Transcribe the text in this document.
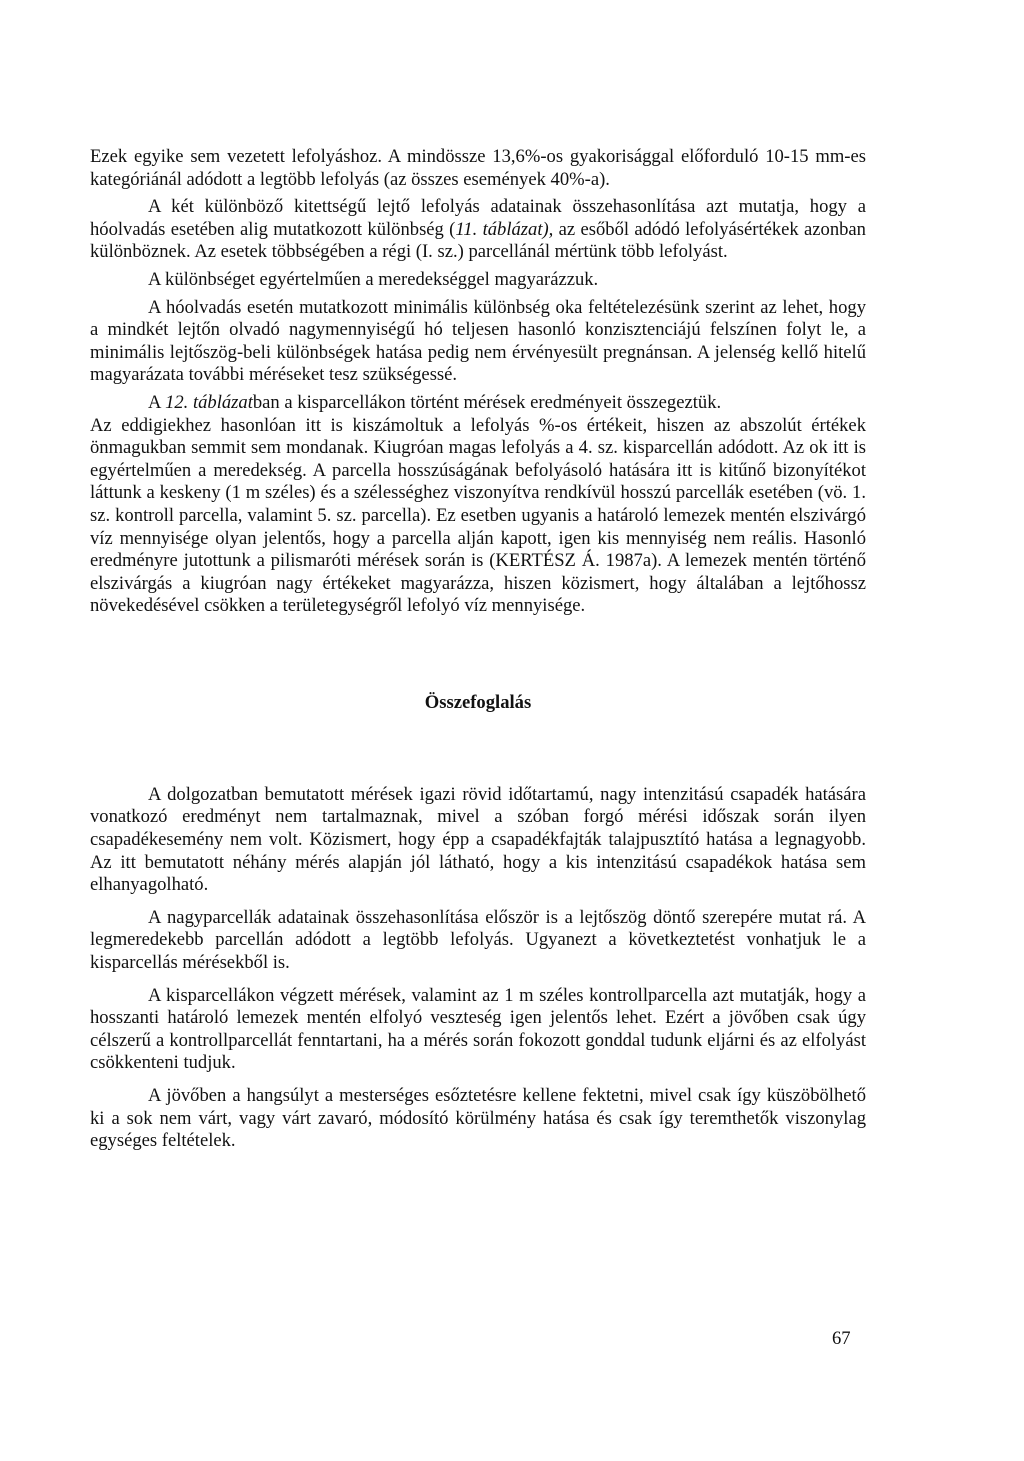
Ezek egyike sem vezetett lefolyáshoz. A mindössze 13,6%-os gyakorisággal előforduló 10-15 mm-es kategóriánál adódott a legtöbb lefolyás (az összes események 40%-a).

A két különböző kitettségű lejtő lefolyás adatainak összehasonlítása azt mutatja, hogy a hóolvadás esetében alig mutatkozott különbség (11. táblázat), az esőből adódó lefolyásértékek azonban különböznek. Az esetek többségében a régi (I. sz.) parcellánál mértünk több lefolyást.

A különbséget egyértelműen a meredekséggel magyarázzuk.

A hóolvadás esetén mutatkozott minimális különbség oka feltételezésünk szerint az lehet, hogy a mindkét lejtőn olvadó nagymennyiségű hó teljesen hasonló konzisztenciájú felszínen folyt le, a minimális lejtőszög-beli különbségek hatása pedig nem érvényesült pregnánsan. A jelenség kellő hitelű magyarázata további méréseket tesz szükségessé.

A 12. táblázatban a kisparcellákon történt mérések eredményeit összegeztük.

Az eddigiekhez hasonlóan itt is kiszámoltuk a lefolyás %-os értékeit, hiszen az abszolút értékek önmagukban semmit sem mondanak. Kiugróan magas lefolyás a 4. sz. kisparcellán adódott. Az ok itt is egyértelműen a meredekség. A parcella hosszúságának befolyásoló hatására itt is kitűnő bizonyítékot láttunk a keskeny (1 m széles) és a szélességhez viszonyítva rendkívül hosszú parcellák esetében (vö. 1. sz. kontroll parcella, valamint 5. sz. parcella). Ez esetben ugyanis a határoló lemezek mentén elszivárgó víz mennyisége olyan jelentős, hogy a parcella alján kapott, igen kis mennyiség nem reális. Hasonló eredményre jutottunk a pilismaróti mérések során is (KERTÉSZ Á. 1987a). A lemezek mentén történő elszivárgás a kiugróan nagy értékeket magyarázza, hiszen közismert, hogy általában a lejtőhossz növekedésével csökken a területegységről lefolyó víz mennyisége.

Összefoglalás

A dolgozatban bemutatott mérések igazi rövid időtartamú, nagy intenzitású csapadék hatására vonatkozó eredményt nem tartalmaznak, mivel a szóban forgó mérési időszak során ilyen csapadékesemény nem volt. Közismert, hogy épp a csapadékfajták talajpusztító hatása a legnagyobb. Az itt bemutatott néhány mérés alapján jól látható, hogy a kis intenzitású csapadékok hatása sem elhanyagolható.

A nagyparcellák adatainak összehasonlítása először is a lejtőszög döntő szerepére mutat rá. A legmeredekebb parcellán adódott a legtöbb lefolyás. Ugyanezt a következtetést vonhatjuk le a kisparcellás mérésekből is.

A kisparcellákon végzett mérések, valamint az 1 m széles kontrollparcella azt mutatják, hogy a hosszanti határoló lemezek mentén elfolyó veszteség igen jelentős lehet. Ezért a jövőben csak úgy célszerű a kontrollparcellát fenntartani, ha a mérés során fokozott gonddal tudunk eljárni és az elfolyást csökkenteni tudjuk.

A jövőben a hangsúlyt a mesterséges esőztetésre kellene fektetni, mivel csak így küszöbölhető ki a sok nem várt, vagy várt zavaró, módosító körülmény hatása és csak így teremthetők viszonylag egységes feltételek.

67
